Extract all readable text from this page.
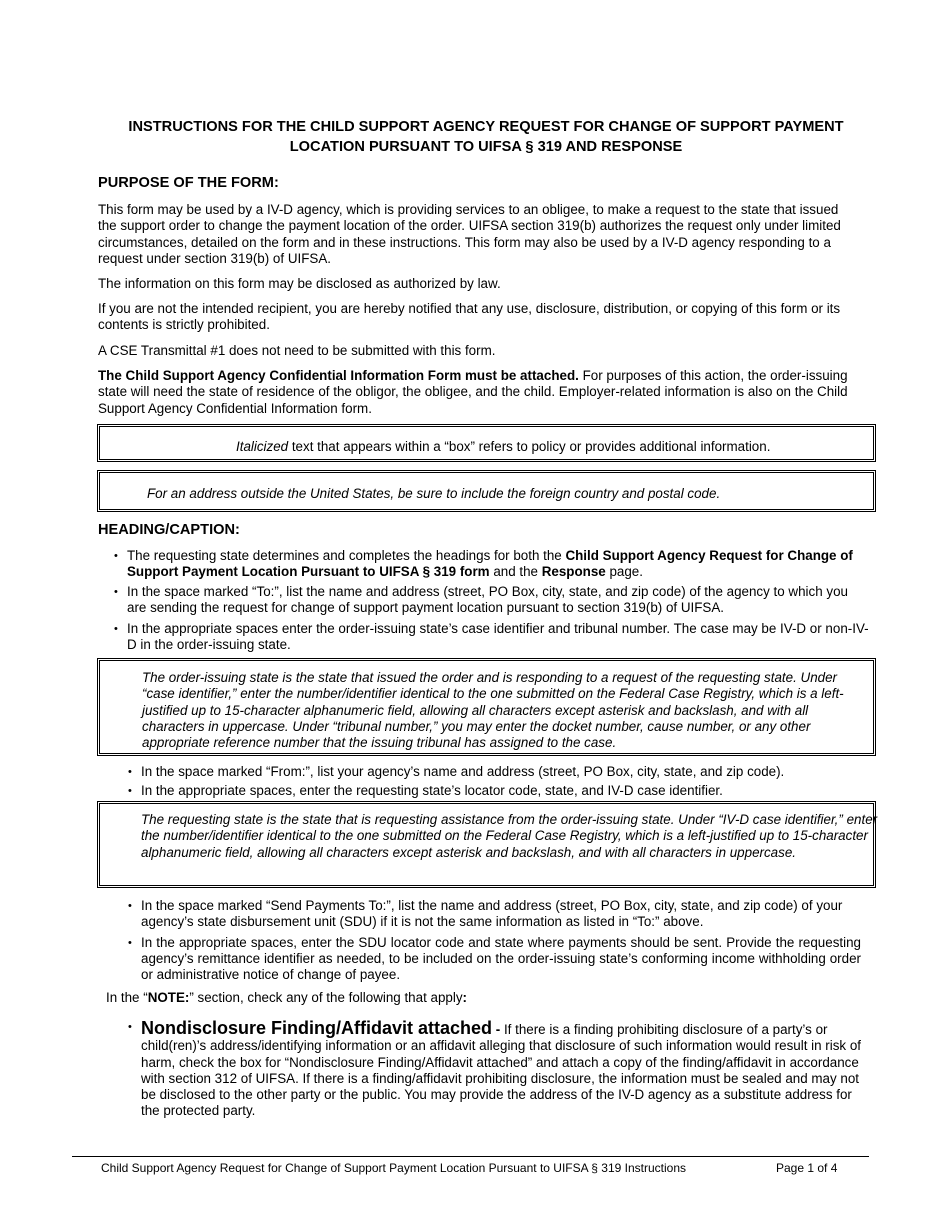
INSTRUCTIONS FOR THE CHILD SUPPORT AGENCY REQUEST FOR CHANGE OF SUPPORT PAYMENT
LOCATION PURSUANT TO UIFSA § 319 AND RESPONSE
PURPOSE OF THE FORM:

This form may be used by a IV-D agency, which is providing services to an obligee, to make a request to the state that issued the support order to change the payment location of the order. UIFSA section 319(b) authorizes the request only under limited circumstances, detailed on the form and in these instructions. This form may also be used by a IV-D agency responding to a request under section 319(b) of UIFSA.

The information on this form may be disclosed as authorized by law.

If you are not the intended recipient, you are hereby notified that any use, disclosure, distribution, or copying of this form or its contents is strictly prohibited.

A CSE Transmittal #1 does not need to be submitted with this form.

The Child Support Agency Confidential Information Form must be attached. For purposes of this action, the order-issuing state will need the state of residence of the obligor, the obligee, and the child. Employer-related information is also on the Child Support Agency Confidential Information form.

Italicized text that appears within a “box” refers to policy or provides additional information.
For an address outside the United States, be sure to include the foreign country and postal code.
HEADING/CAPTION:
• The requesting state determines and completes the headings for both the Child Support Agency Request for Change of Support Payment Location Pursuant to UIFSA § 319 form and the Response page.
• In the space marked “To:”, list the name and address (street, PO Box, city, state, and zip code) of the agency to which you are sending the request for change of support payment location pursuant to section 319(b) of UIFSA.
• In the appropriate spaces enter the order-issuing state’s case identifier and tribunal number. The case may be IV-D or non-IV-D in the order-issuing state.
The order-issuing state is the state that issued the order and is responding to a request of the requesting state. Under “case identifier,” enter the number/identifier identical to the one submitted on the Federal Case Registry, which is a left-justified up to 15-character alphanumeric field, allowing all characters except asterisk and backslash, and with all characters in uppercase. Under “tribunal number,” you may enter the docket number, cause number, or any other appropriate reference number that the issuing tribunal has assigned to the case.
• In the space marked “From:”, list your agency’s name and address (street, PO Box, city, state, and zip code).
• In the appropriate spaces, enter the requesting state’s locator code, state, and IV-D case identifier.
The requesting state is the state that is requesting assistance from the order-issuing state. Under “IV-D case identifier,” enter the number/identifier identical to the one submitted on the Federal Case Registry, which is a left-justified up to 15-character alphanumeric field, allowing all characters except asterisk and backslash, and with all characters in uppercase.
• In the space marked “Send Payments To:”, list the name and address (street, PO Box, city, state, and zip code) of your agency’s state disbursement unit (SDU) if it is not the same information as listed in “To:” above.
• In the appropriate spaces, enter the SDU locator code and state where payments should be sent. Provide the requesting agency’s remittance identifier as needed, to be included on the order-issuing state’s conforming income withholding order or administrative notice of change of payee.

In the “NOTE:” section, check any of the following that apply:

• Nondisclosure Finding/Affidavit attached - If there is a finding prohibiting disclosure of a party’s or child(ren)’s address/identifying information or an affidavit alleging that disclosure of such information would result in risk of harm, check the box for “Nondisclosure Finding/Affidavit attached” and attach a copy of the finding/affidavit in accordance with section 312 of UIFSA. If there is a finding/affidavit prohibiting disclosure, the information must be sealed and may not be disclosed to the other party or the public. You may provide the address of the IV-D agency as a substitute address for the protected party.
Child Support Agency Request for Change of Support Payment Location Pursuant to UIFSA § 319 Instructions	Page 1 of 4
